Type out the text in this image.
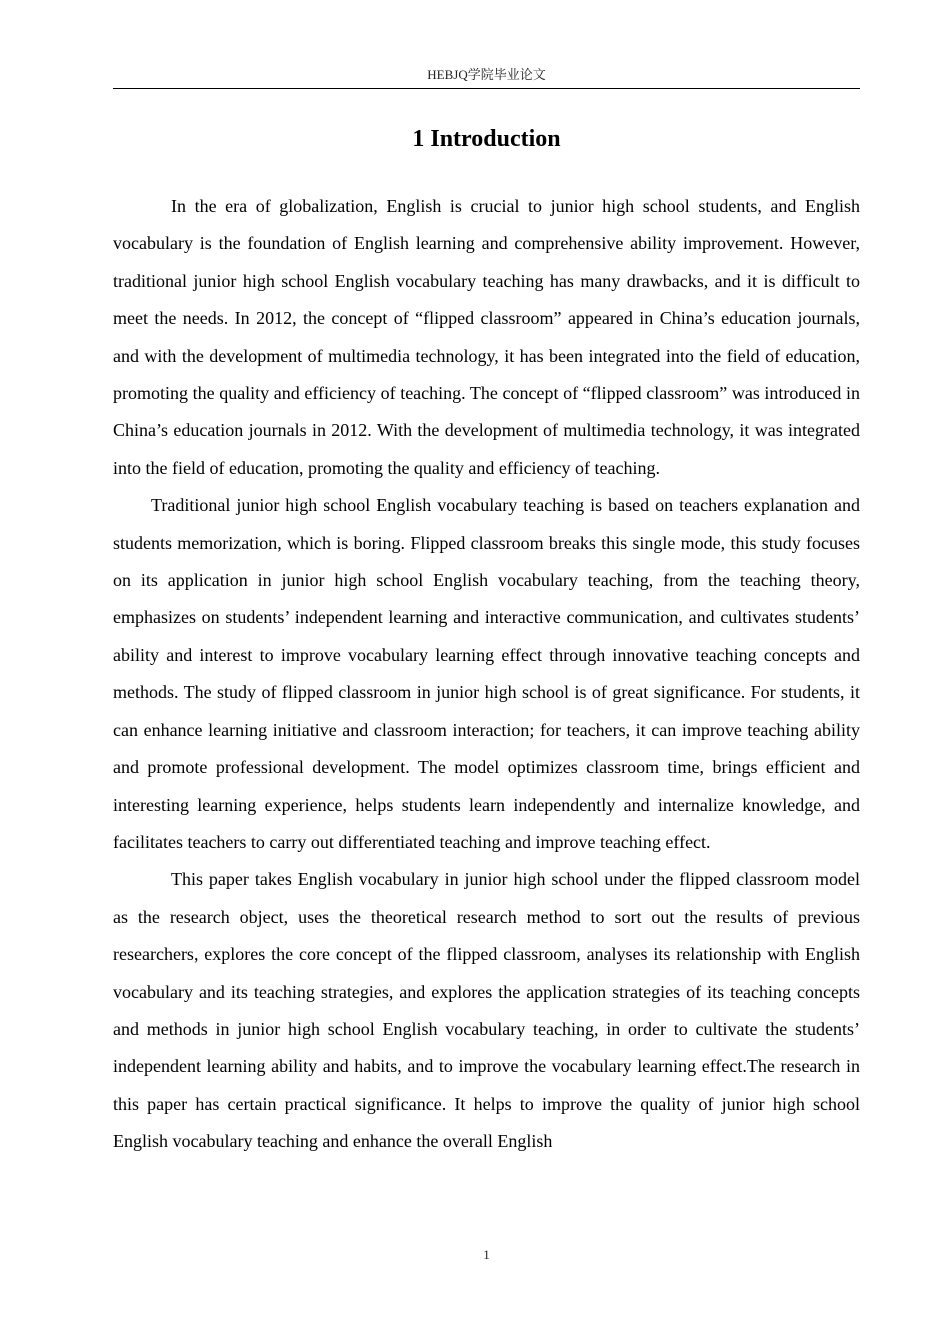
HEBJQ学院毕业论文
1 Introduction

In the era of globalization, English is crucial to junior high school students, and English vocabulary is the foundation of English learning and comprehensive ability improvement. However, traditional junior high school English vocabulary teaching has many drawbacks, and it is difficult to meet the needs. In 2012, the concept of “flipped classroom” appeared in China’s education journals, and with the development of multimedia technology, it has been integrated into the field of education, promoting the quality and efficiency of teaching. The concept of “flipped classroom” was introduced in China’s education journals in 2012. With the development of multimedia technology, it was integrated into the field of education, promoting the quality and efficiency of teaching.

Traditional junior high school English vocabulary teaching is based on teachers explanation and students memorization, which is boring. Flipped classroom breaks this single mode, this study focuses on its application in junior high school English vocabulary teaching, from the teaching theory, emphasizes on students’ independent learning and interactive communication, and cultivates students’ ability and interest to improve vocabulary learning effect through innovative teaching concepts and methods. The study of flipped classroom in junior high school is of great significance. For students, it can enhance learning initiative and classroom interaction; for teachers, it can improve teaching ability and promote professional development. The model optimizes classroom time, brings efficient and interesting learning experience, helps students learn independently and internalize knowledge, and facilitates teachers to carry out differentiated teaching and improve teaching effect.

This paper takes English vocabulary in junior high school under the flipped classroom model as the research object, uses the theoretical research method to sort out the results of previous researchers, explores the core concept of the flipped classroom, analyses its relationship with English vocabulary and its teaching strategies, and explores the application strategies of its teaching concepts and methods in junior high school English vocabulary teaching, in order to cultivate the students’ independent learning ability and habits, and to improve the vocabulary learning effect.The research in this paper has certain practical significance. It helps to improve the quality of junior high school English vocabulary teaching and enhance the overall English

1
